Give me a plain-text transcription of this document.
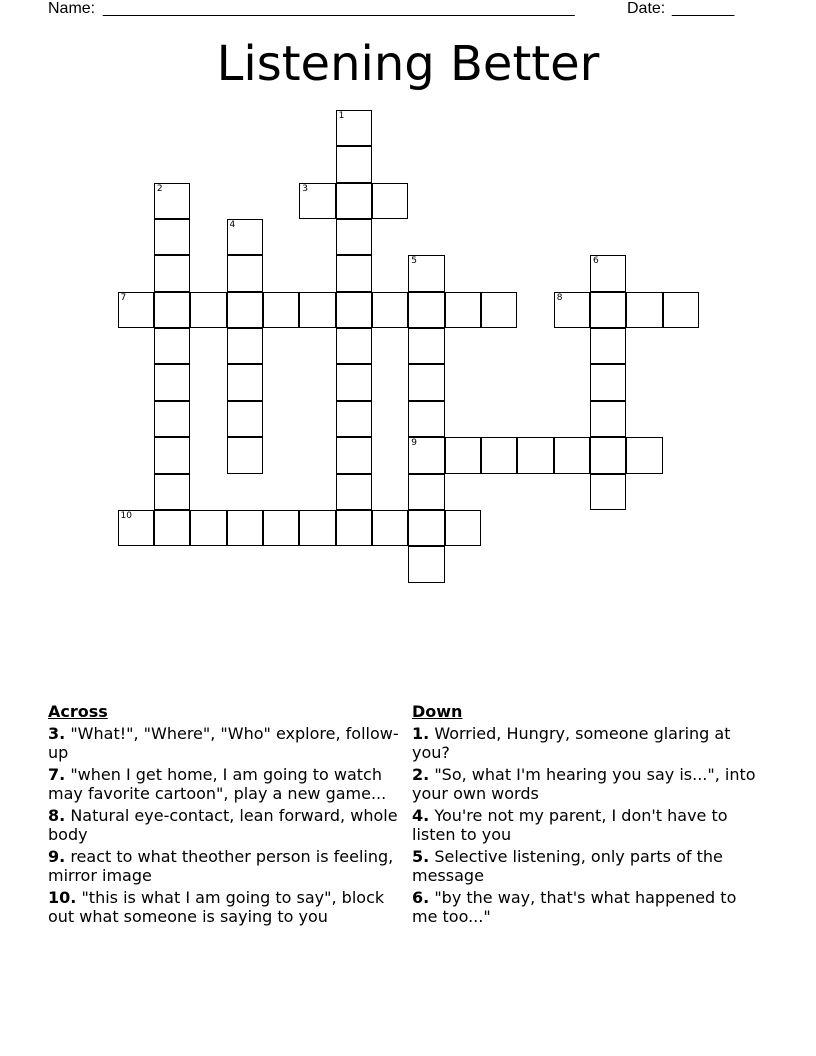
Name: _____________________________________________________	Date: _______
Listening Better
1
2	3
4
5	6
7	8
9
10
Across
3. "What!", "Where", "Who" explore, follow-up
7. "when I get home, I am going to watch may favorite cartoon", play a new game...
8. Natural eye-contact, lean forward, whole body
9. react to what theother person is feeling, mirror image
10. "this is what I am going to say", block out what someone is saying to you
Down
1. Worried, Hungry, someone glaring at you?
2. "So, what I'm hearing you say is...", into your own words
4. You're not my parent, I don't have to listen to you
5. Selective listening, only parts of the message
6. "by the way, that's what happened to me too..."
